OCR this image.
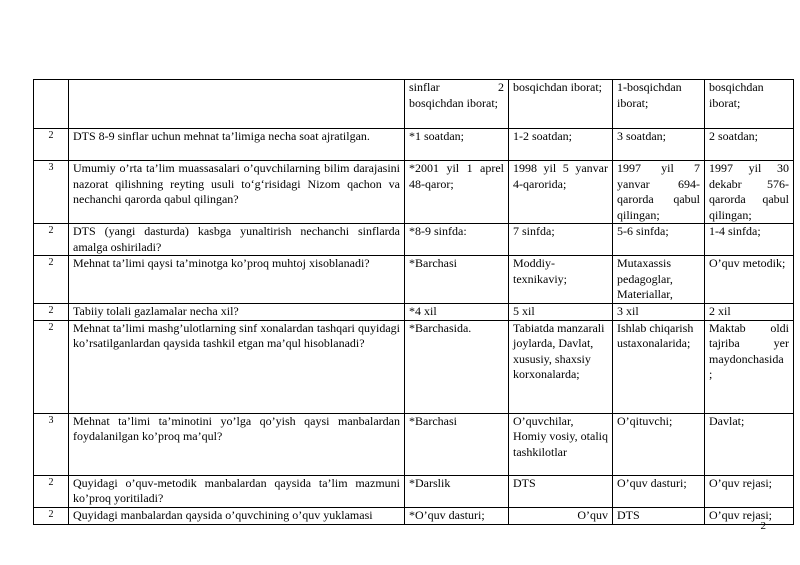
		sinflar 2 bosqichdan iborat;	bosqichdan iborat;	1-bosqichdan iborat;	bosqichdan iborat;
2	DTS 8-9 sinflar uchun mehnat ta’limiga necha soat ajratilgan.	*1 soatdan;	1-2 soatdan;	3 soatdan;	2 soatdan;
3	Umumiy o’rta ta’lim muassasalari o’quvchilarning bilim darajasini nazorat qilishning reyting usuli to‘g‘risidagi Nizom qachon va nechanchi qarorda qabul qilingan?	*2001 yil 1 aprel 48-qaror;	1998 yil 5 yanvar 4-qarorida;	1997 yil 7 yanvar 694-qarorda qabul qilingan;	1997 yil 30 dekabr 576-qarorda qabul qilingan;
2	DTS (yangi dasturda) kasbga yunaltirish nechanchi sinflarda amalga oshiriladi?	*8-9 sinfda:	7 sinfda;	5-6 sinfda;	1-4 sinfda;
2	Mehnat ta’limi qaysi ta’minotga ko’proq muhtoj xisoblanadi?	*Barchasi	Moddiy-texnikaviy;	Mutaxassis pedagoglar, Materiallar,	O’quv metodik;
2	Tabiiy tolali gazlamalar necha xil?	*4 xil	5 xil	3 xil	2 xil
2	Mehnat ta’limi mashg’ulotlarning sinf xonalardan tashqari quyidagi ko’rsatilganlardan qaysida tashkil etgan ma’qul hisoblanadi?	*Barchasida.	Tabiatda manzarali joylarda, Davlat, xususiy, shaxsiy korxonalarda;	Ishlab chiqarish ustaxonalarida;	Maktab oldi tajriba yer maydonchasida ;
3	Mehnat ta’limi ta’minotini yo’lga qo’yish qaysi manbalardan foydalanilgan ko’proq ma’qul?	*Barchasi	O’quvchilar, Homiy vosiy, otaliq tashkilotlar	O’qituvchi;	Davlat;
2	Quyidagi o’quv-metodik manbalardan qaysida ta’lim mazmuni ko’proq yoritiladi?	*Darslik	DTS	O’quv dasturi;	O’quv rejasi;
2	Quyidagi manbalardan qaysida o’quvchining o’quv yuklamasi	*O’quv dasturi;	O’quv	DTS	O’quv rejasi;
2
